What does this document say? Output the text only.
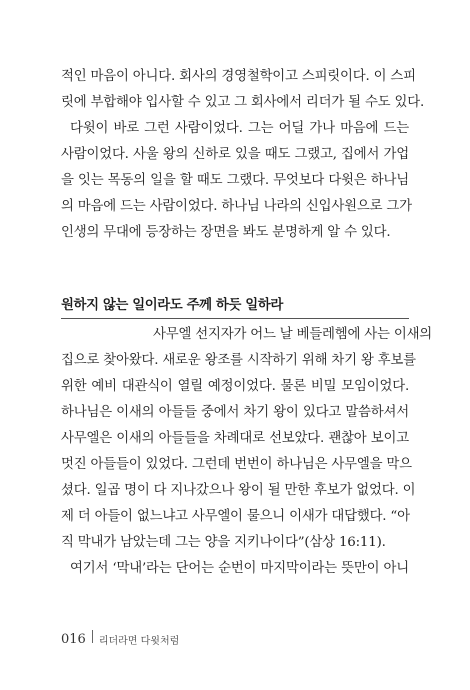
적인 마음이 아니다. 회사의 경영철학이고 스피릿이다. 이 스피
릿에 부합해야 입사할 수 있고 그 회사에서 리더가 될 수도 있다.
다윗이 바로 그런 사람이었다. 그는 어딜 가나 마음에 드는
사람이었다. 사울 왕의 신하로 있을 때도 그랬고, 집에서 가업
을 잇는 목동의 일을 할 때도 그랬다. 무엇보다 다윗은 하나님
의 마음에 드는 사람이었다. 하나님 나라의 신입사원으로 그가
인생의 무대에 등장하는 장면을 봐도 분명하게 알 수 있다.
원하지 않는 일이라도 주께 하듯 일하라
사무엘 선지자가 어느 날 베들레헴에 사는 이새의
집으로 찾아왔다. 새로운 왕조를 시작하기 위해 차기 왕 후보를
위한 예비 대관식이 열릴 예정이었다. 물론 비밀 모임이었다.
하나님은 이새의 아들들 중에서 차기 왕이 있다고 말씀하셔서
사무엘은 이새의 아들들을 차례대로 선보았다. 괜찮아 보이고
멋진 아들들이 있었다. 그런데 번번이 하나님은 사무엘을 막으
셨다. 일곱 명이 다 지나갔으나 왕이 될 만한 후보가 없었다. 이
제 더 아들이 없느냐고 사무엘이 물으니 이새가 대답했다. “아
직 막내가 남았는데 그는 양을 지키나이다”(삼상 16:11).
여기서 ‘막내’라는 단어는 순번이 마지막이라는 뜻만이 아니
016 리더라면 다윗처럼
